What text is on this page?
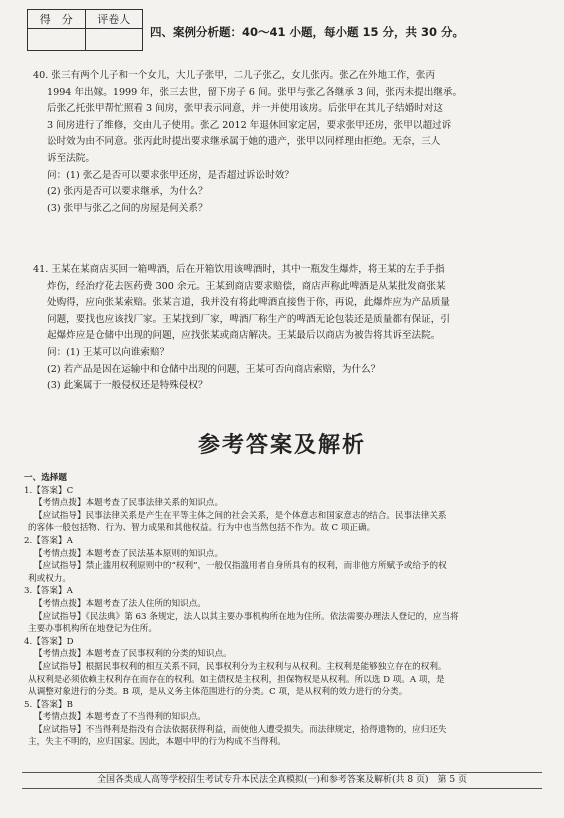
得　分	评卷人

四、案例分析题：40～41 小题，每小题 15 分，共 30 分。

40. 张三有两个儿子和一个女儿，大儿子张甲，二儿子张乙，女儿张丙。张乙在外地工作，张丙

1994 年出嫁。1999 年，张三去世，留下房子 6 间。张甲与张乙各继承 3 间，张丙未提出继承。

后张乙托张甲帮忙照看 3 间房，张甲表示同意，并一并使用该房。后张甲在其儿子结婚时对这

3 间房进行了维修，交由儿子使用。张乙 2012 年退休回家定居，要求张甲还房，张甲以超过诉

讼时效为由不同意。张丙此时提出要求继承属于她的遗产，张甲以同样理由拒绝。无奈，三人

诉至法院。

问：(1) 张乙是否可以要求张甲还房，是否超过诉讼时效？

(2) 张丙是否可以要求继承，为什么？

(3) 张甲与张乙之间的房屋是何关系？

41. 王某在某商店买回一箱啤酒，后在开箱饮用该啤酒时，其中一瓶发生爆炸，将王某的左手手指

炸伤，经治疗花去医药费 300 余元。王某到商店要求赔偿，商店声称此啤酒是从某批发商张某

处购得，应向张某索赔。张某言道，我并没有将此啤酒直接售于你，再说，此爆炸应为产品质量

问题，要找也应该找厂家。王某找到厂家，啤酒厂称生产的啤酒无论包装还是质量都有保证，引

起爆炸应是仓储中出现的问题，应找张某或商店解决。王某最后以商店为被告将其诉至法院。

问：(1) 王某可以向谁索赔？

(2) 若产品是因在运输中和仓储中出现的问题，王某可否向商店索赔，为什么？

(3) 此案属于一般侵权还是特殊侵权？

参考答案及解析

一、选择题

1.【答案】C

【考情点拨】本题考查了民事法律关系的知识点。

【应试指导】民事法律关系是产生在平等主体之间的社会关系，是个体意志和国家意志的结合。民事法律关系

的客体一般包括物、行为、智力成果和其他权益。行为中也当然包括不作为。故 C 项正确。

2.【答案】A

【考情点拨】本题考查了民法基本原则的知识点。

【应试指导】禁止滥用权利原则中的“权利”，一般仅指滥用者自身所具有的权利，而非他方所赋予或给予的权

利或权力。

3.【答案】A

【考情点拨】本题考查了法人住所的知识点。

【应试指导】《民法典》第 63 条规定，法人以其主要办事机构所在地为住所。依法需要办理法人登记的，应当将

主要办事机构所在地登记为住所。

4.【答案】D

【考情点拨】本题考查了民事权利的分类的知识点。

【应试指导】根据民事权利的相互关系不同，民事权利分为主权利与从权利。主权利是能够独立存在的权利。

从权利是必须依赖主权利存在而存在的权利。如主债权是主权利，担保物权是从权利。所以选 D 项。A 项，是

从调整对象进行的分类。B 项，是从义务主体范围进行的分类。C 项，是从权利的效力进行的分类。

5.【答案】B

【考情点拨】本题考查了不当得利的知识点。

【应试指导】不当得利是指没有合法依据获得利益，而使他人遭受损失。而法律规定，拾得遗物的，应归还失

主，失主不明的，应归国家。因此，本题中甲的行为构成不当得利。

全国各类成人高等学校招生考试专升本民法全真模拟(一)和参考答案及解析(共 8 页)　第 5 页
